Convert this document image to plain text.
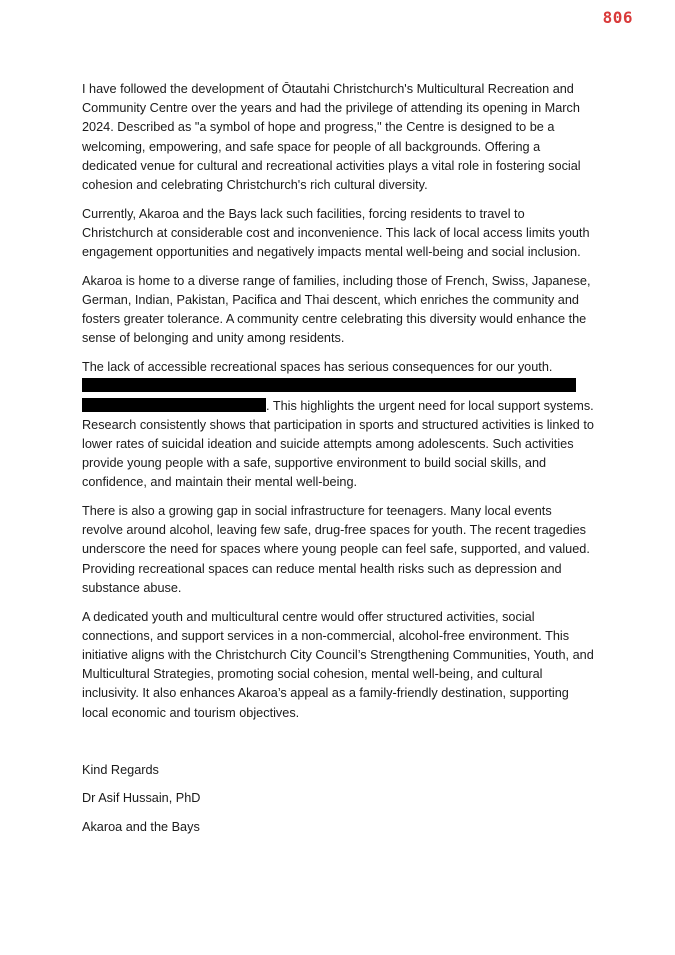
806

I have followed the development of Ōtautahi Christchurch's Multicultural Recreation and Community Centre over the years and had the privilege of attending its opening in March 2024. Described as "a symbol of hope and progress," the Centre is designed to be a welcoming, empowering, and safe space for people of all backgrounds. Offering a dedicated venue for cultural and recreational activities plays a vital role in fostering social cohesion and celebrating Christchurch's rich cultural diversity.

Currently, Akaroa and the Bays lack such facilities, forcing residents to travel to Christchurch at considerable cost and inconvenience. This lack of local access limits youth engagement opportunities and negatively impacts mental well-being and social inclusion.

Akaroa is home to a diverse range of families, including those of French, Swiss, Japanese, German, Indian, Pakistan, Pacifica and Thai descent, which enriches the community and fosters greater tolerance. A community centre celebrating this diversity would enhance the sense of belonging and unity among residents.

The lack of accessible recreational spaces has serious consequences for our youth. . This highlights the urgent need for local support systems. Research consistently shows that participation in sports and structured activities is linked to lower rates of suicidal ideation and suicide attempts among adolescents. Such activities provide young people with a safe, supportive environment to build social skills, and confidence, and maintain their mental well-being.

There is also a growing gap in social infrastructure for teenagers. Many local events revolve around alcohol, leaving few safe, drug-free spaces for youth. The recent tragedies underscore the need for spaces where young people can feel safe, supported, and valued. Providing recreational spaces can reduce mental health risks such as depression and substance abuse.

A dedicated youth and multicultural centre would offer structured activities, social connections, and support services in a non-commercial, alcohol-free environment. This initiative aligns with the Christchurch City Council’s Strengthening Communities, Youth, and Multicultural Strategies, promoting social cohesion, mental well-being, and cultural inclusivity. It also enhances Akaroa’s appeal as a family-friendly destination, supporting local economic and tourism objectives.

Kind Regards
Dr Asif Hussain, PhD
Akaroa and the Bays
